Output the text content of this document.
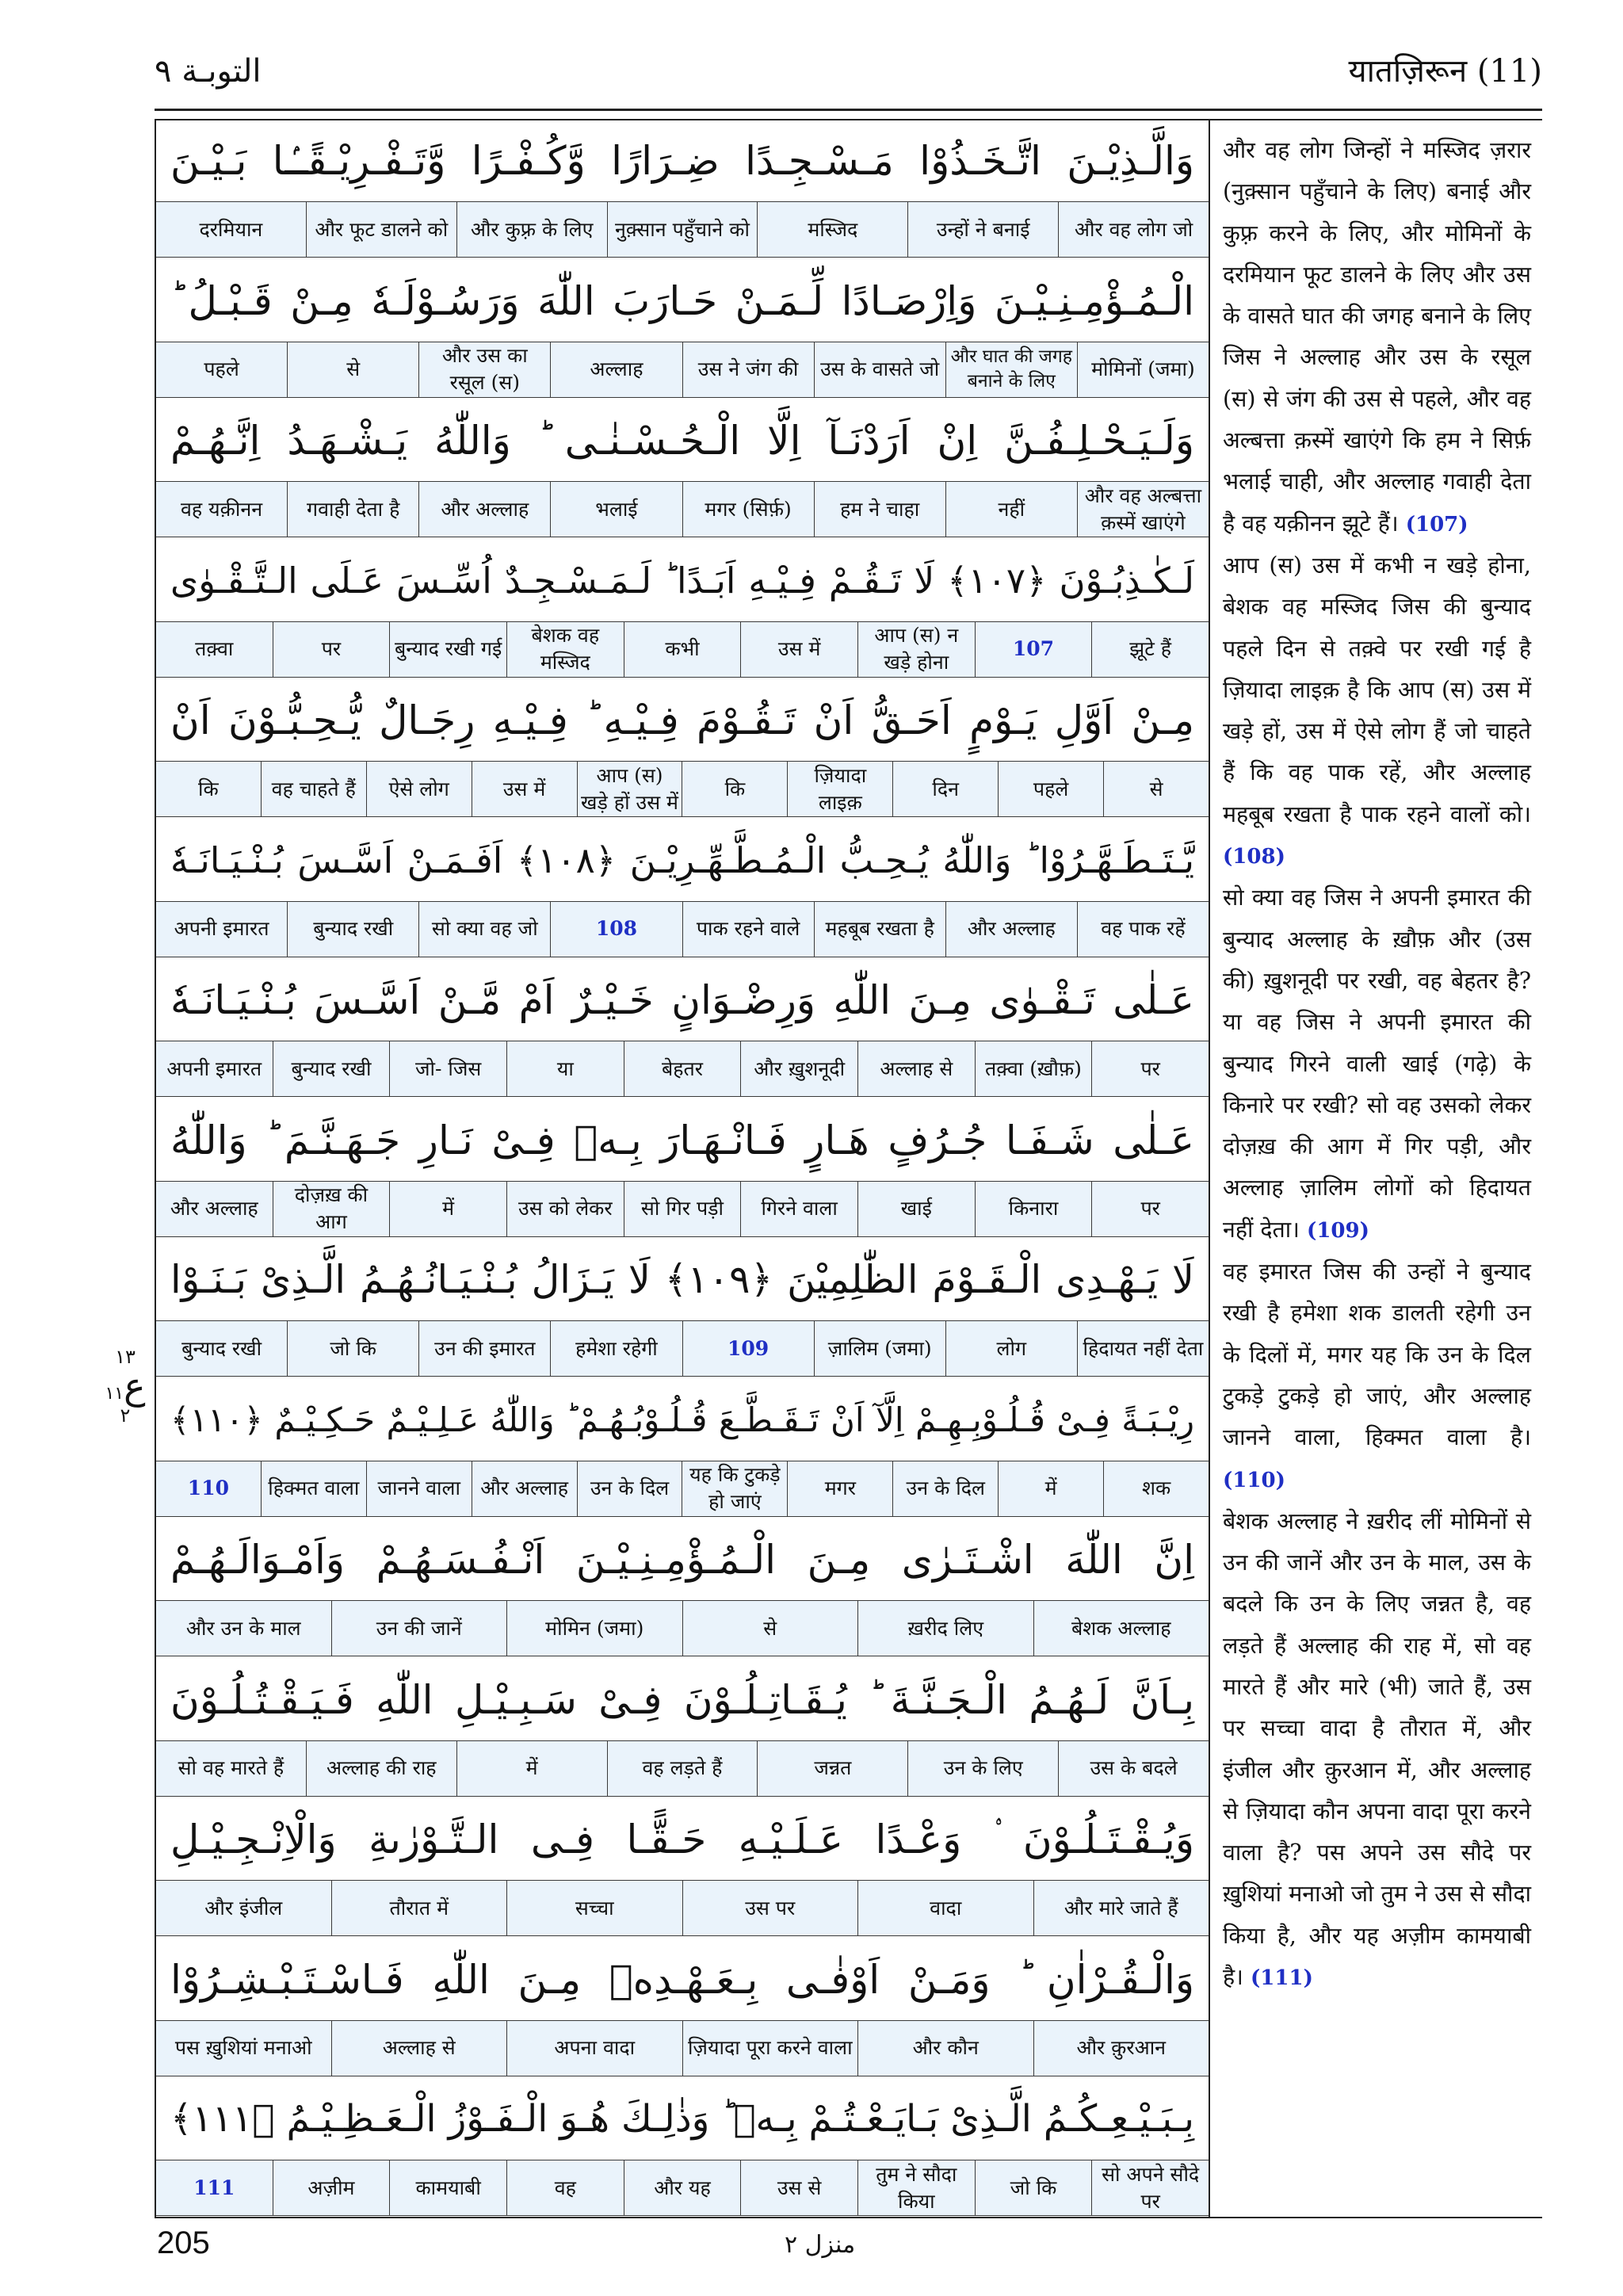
التوبـة ٩	यातज़िरून (11)
وَالَّـذِيْـنَ اتَّـخَـذُوْا مَـسْـجِـدًا ضِـرَارًا وَّكُـفْـرًا وَّتَـفْـرِيْـقًـۢا بَـيْـنَ
और वह लोग जो
उन्हों ने बनाई
मस्जिद
नुक़्सान पहुँचाने को
और कुफ़्र के लिए
और फूट डालने को
दरमियान
الْـمُـؤْمِـنِـيْـنَ وَاِرْصَـادًا لِّـمَـنْ حَـارَبَ اللّٰهَ وَرَسُـوْلَـهٗ مِـنْ قَـبْـلُ ؕ
मोमिनों (जमा)
और घात की जगह बनाने के लिए
उस के वासते जो
उस ने जंग की
अल्लाह
और उस का रसूल (स)
से
पहले
وَلَـيَـحْـلِـفُـنَّ اِنْ اَرَدْنَـآ اِلَّا الْـحُـسْـنٰـى ؕ وَاللّٰهُ يَـشْـهَـدُ اِنَّـهُـمْ
और वह अल्बत्ता क़स्में खाएंगे
नहीं
हम ने चाहा
मगर (सिर्फ़)
भलाई
और अल्लाह
गवाही देता है
वह यक़ीनन
لَـكٰـذِبُـوْنَ ﴿١٠٧﴾ لَا تَـقُـمْ فِـيْـهِ اَبَـدًا ؕ لَـمَـسْـجِـدٌ اُسِّـسَ عَـلَى الـتَّـقْـوٰى
झूटे हैं
107
आप (स) न खड़े होना
उस में
कभी
बेशक वह मस्जिद
बुन्याद रखी गई
पर
तक़्वा
مِـنْ اَوَّلِ يَـوْمٍ اَحَـقُّ اَنْ تَـقُـوْمَ فِـيْـهِ ؕ فِـيْـهِ رِجَـالٌ يُّـحِـبُّـوْنَ اَنْ
से
पहले
दिन
ज़ियादा लाइक़
कि
आप (स) खड़े हों उस में
उस में
ऐसे लोग
वह चाहते हैं
कि
يَّـتَـطَـهَّـرُوْا ؕ وَاللّٰهُ يُـحِـبُّ الْـمُـطَّـهِّـرِيْـنَ ﴿١٠٨﴾ اَفَـمَـنْ اَسَّـسَ بُـنْـيَـانَـهٗ
वह पाक रहें
और अल्लाह
महबूब रखता है
पाक रहने वाले
108
सो क्या वह जो
बुन्याद रखी
अपनी इमारत
عَـلٰى تَـقْـوٰى مِـنَ اللّٰهِ وَرِضْـوَانٍ خَـيْـرٌ اَمْ مَّـنْ اَسَّـسَ بُـنْـيَـانَـهٗ
पर
तक़्वा (ख़ौफ़)
अल्लाह से
और ख़ुशनूदी
बेहतर
या
जो- जिस
बुन्याद रखी
अपनी इमारत
عَـلٰى شَـفَـا جُـرُفٍ هَـارٍ فَـانْـهَـارَ بِـهٖ فِـىْ نَـارِ جَـهَـنَّـمَ ؕ وَاللّٰهُ
पर
किनारा
खाई
गिरने वाला
सो गिर पड़ी
उस को लेकर
में
दोज़ख़ की आग
और अल्लाह
لَا يَـهْـدِى الْـقَـوْمَ الظّٰلِمِيْنَ ﴿١٠٩﴾ لَا يَـزَالُ بُـنْـيَـانُـهُـمُ الَّـذِىْ بَـنَـوْا
हिदायत नहीं देता
लोग
ज़ालिम (जमा)
109
हमेशा रहेगी
उन की इमारत
जो कि
बुन्याद रखी
رِيْـبَـةً فِـىْ قُـلُـوْبِـهِـمْ اِلَّآ اَنْ تَـقَـطَّـعَ قُـلُـوْبُـهُـمْ ؕ وَاللّٰهُ عَـلِـيْـمٌ حَـكِـيْـمٌ ﴿١١٠﴾
शक
में
उन के दिल
मगर
यह कि टुकड़े हो जाएं
उन के दिल
और अल्लाह
जानने वाला
हिक्मत वाला
110
اِنَّ اللّٰهَ اشْـتَـرٰى مِـنَ الْـمُـؤْمِـنِـيْـنَ اَنْـفُـسَـهُـمْ وَاَمْـوَالَـهُـمْ
बेशक अल्लाह
ख़रीद लिए
से
मोमिन (जमा)
उन की जानें
और उन के माल
بِـاَنَّ لَـهُـمُ الْـجَـنَّـةَ ؕ يُـقَـاتِـلُـوْنَ فِـىْ سَـبِـيْـلِ اللّٰهِ فَـيَـقْـتُـلُـوْنَ
उस के बदले
उन के लिए
जन्नत
वह लड़ते हैं
में
अल्लाह की राह
सो वह मारते हैं
وَيُـقْـتَـلُـوْنَ ۟ وَعْـدًا عَـلَـيْـهِ حَـقًّـا فِـى الـتَّـوْرٰىةِ وَالْاِنْـجِـيْـلِ
और मारे जाते हैं
वादा
उस पर
सच्चा
तौरात में
और इंजील
وَالْـقُـرْاٰنِ ؕ وَمَـنْ اَوْفٰـى بِـعَـهْـدِهٖ مِـنَ اللّٰهِ فَـاسْـتَـبْـشِـرُوْا
और क़ुरआन
और कौन
ज़ियादा पूरा करने वाला
अपना वादा
अल्लाह से
पस ख़ुशियां मनाओ
بِـبَـيْـعِـكُـمُ الَّـذِىْ بَـايَـعْـتُـمْ بِـهٖ ؕ وَذٰلِـكَ هُـوَ الْـفَـوْزُ الْـعَـظِـيْـمُ ﴿١١١﴾
सो अपने सौदे पर
जो कि
तुम ने सौदा किया
उस से
और यह
वह
कामयाबी
अज़ीम
111
और वह लोग जिन्हों ने मस्जिद ज़रार (नुक़्सान पहुँचाने के लिए) बनाई और कुफ़्र करने के लिए, और मोमिनों के दरमियान फूट डालने के लिए और उस के वासते घात की जगह बनाने के लिए जिस ने अल्लाह और उस के रसूल (स) से जंग की उस से पहले, और वह अल्बत्ता क़स्में खाएंगे कि हम ने सिर्फ़ भलाई चाही, और अल्लाह गवाही देता है वह यक़ीनन झूटे हैं। (107)
आप (स) उस में कभी न खड़े होना, बेशक वह मस्जिद जिस की बुन्याद पहले दिन से तक़्वे पर रखी गई है ज़ियादा लाइक़ है कि आप (स) उस में खड़े हों, उस में ऐसे लोग हैं जो चाहते हैं कि वह पाक रहें, और अल्लाह महबूब रखता है पाक रहने वालों को। (108)
सो क्या वह जिस ने अपनी इमारत की बुन्याद अल्लाह के ख़ौफ़ और (उस की) ख़ुशनूदी पर रखी, वह बेहतर है? या वह जिस ने अपनी इमारत की बुन्याद गिरने वाली खाई (गढ़े) के किनारे पर रखी? सो वह उसको लेकर दोज़ख़ की आग में गिर पड़ी, और अल्लाह ज़ालिम लोगों को हिदायत नहीं देता। (109)
वह इमारत जिस की उन्हों ने बुन्याद रखी है हमेशा शक डालती रहेगी उन के दिलों में, मगर यह कि उन के दिल टुकड़े टुकड़े हो जाएं, और अल्लाह जानने वाला, हिक्मत वाला है। (110)
बेशक अल्लाह ने ख़रीद लीं मोमिनों से उन की जानें और उन के माल, उस के बदले कि उन के लिए जन्नत है, वह लड़ते हैं अल्लाह की राह में, सो वह मारते हैं और मारे (भी) जाते हैं, उस पर सच्चा वादा है तौरात में, और इंजील और क़ुरआन में, और अल्लाह से ज़ियादा कौन अपना वादा पूरा करने वाला है? पस अपने उस सौदे पर ख़ुशियां मनाओ जो तुम ने उस से सौदा किया है, और यह अज़ीम कामयाबी है। (111)

١٣
ع١١
٢
205	منزل ٢
